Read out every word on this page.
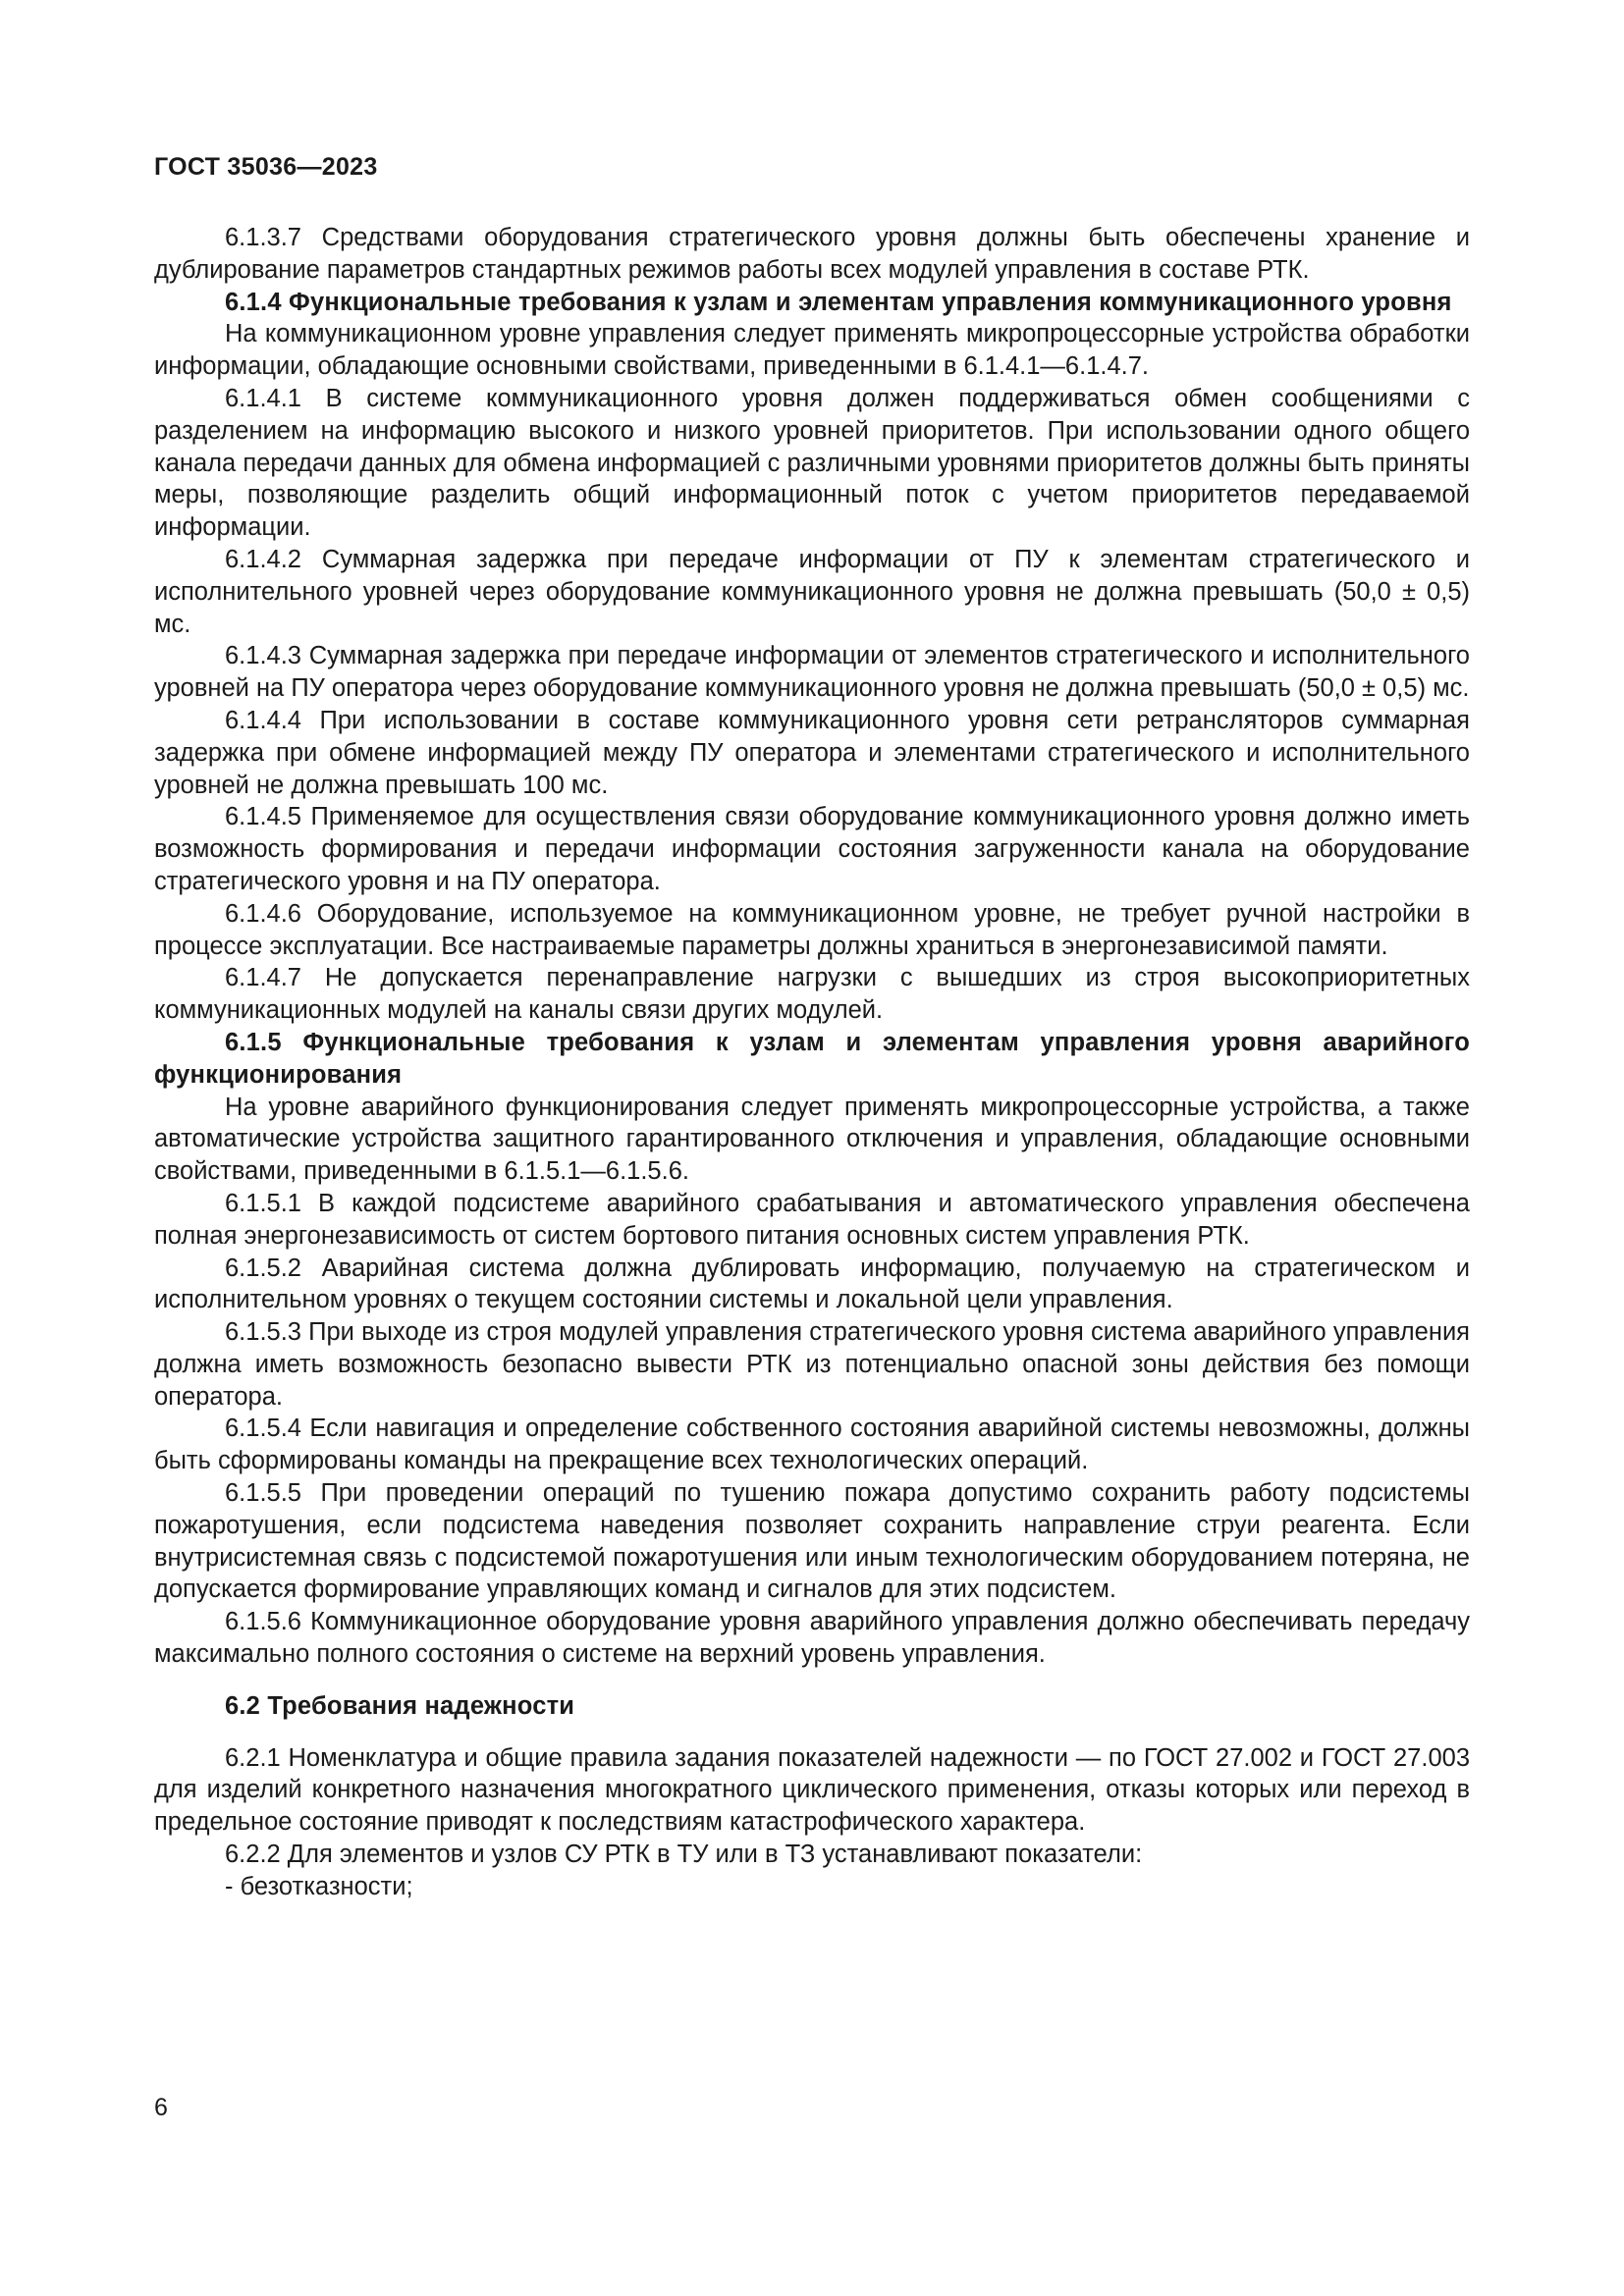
ГОСТ 35036—2023

6.1.3.7 Средствами оборудования стратегического уровня должны быть обеспечены хранение и дублирование параметров стандартных режимов работы всех модулей управления в составе РТК.

6.1.4 Функциональные требования к узлам и элементам управления коммуникационного уровня

На коммуникационном уровне управления следует применять микропроцессорные устройства обработки информации, обладающие основными свойствами, приведенными в 6.1.4.1—6.1.4.7.

6.1.4.1 В системе коммуникационного уровня должен поддерживаться обмен сообщениями с разделением на информацию высокого и низкого уровней приоритетов. При использовании одного общего канала передачи данных для обмена информацией с различными уровнями приоритетов должны быть приняты меры, позволяющие разделить общий информационный поток с учетом приоритетов передаваемой информации.

6.1.4.2 Суммарная задержка при передаче информации от ПУ к элементам стратегического и исполнительного уровней через оборудование коммуникационного уровня не должна превышать (50,0 ± 0,5) мс.

6.1.4.3 Суммарная задержка при передаче информации от элементов стратегического и исполнительного уровней на ПУ оператора через оборудование коммуникационного уровня не должна превышать (50,0 ± 0,5) мс.

6.1.4.4 При использовании в составе коммуникационного уровня сети ретрансляторов суммарная задержка при обмене информацией между ПУ оператора и элементами стратегического и исполнительного уровней не должна превышать 100 мс.

6.1.4.5 Применяемое для осуществления связи оборудование коммуникационного уровня должно иметь возможность формирования и передачи информации состояния загруженности канала на оборудование стратегического уровня и на ПУ оператора.

6.1.4.6 Оборудование, используемое на коммуникационном уровне, не требует ручной настройки в процессе эксплуатации. Все настраиваемые параметры должны храниться в энергонезависимой памяти.

6.1.4.7 Не допускается перенаправление нагрузки с вышедших из строя высокоприоритетных коммуникационных модулей на каналы связи других модулей.

6.1.5 Функциональные требования к узлам и элементам управления уровня аварийного функционирования

На уровне аварийного функционирования следует применять микропроцессорные устройства, а также автоматические устройства защитного гарантированного отключения и управления, обладающие основными свойствами, приведенными в 6.1.5.1—6.1.5.6.

6.1.5.1 В каждой подсистеме аварийного срабатывания и автоматического управления обеспечена полная энергонезависимость от систем бортового питания основных систем управления РТК.

6.1.5.2 Аварийная система должна дублировать информацию, получаемую на стратегическом и исполнительном уровнях о текущем состоянии системы и локальной цели управления.

6.1.5.3 При выходе из строя модулей управления стратегического уровня система аварийного управления должна иметь возможность безопасно вывести РТК из потенциально опасной зоны действия без помощи оператора.

6.1.5.4 Если навигация и определение собственного состояния аварийной системы невозможны, должны быть сформированы команды на прекращение всех технологических операций.

6.1.5.5 При проведении операций по тушению пожара допустимо сохранить работу подсистемы пожаротушения, если подсистема наведения позволяет сохранить направление струи реагента. Если внутрисистемная связь с подсистемой пожаротушения или иным технологическим оборудованием потеряна, не допускается формирование управляющих команд и сигналов для этих подсистем.

6.1.5.6 Коммуникационное оборудование уровня аварийного управления должно обеспечивать передачу максимально полного состояния о системе на верхний уровень управления.

6.2 Требования надежности

6.2.1 Номенклатура и общие правила задания показателей надежности — по ГОСТ 27.002 и ГОСТ 27.003 для изделий конкретного назначения многократного циклического применения, отказы которых или переход в предельное состояние приводят к последствиям катастрофического характера.

6.2.2 Для элементов и узлов СУ РТК в ТУ или в ТЗ устанавливают показатели:

- безотказности;

6
